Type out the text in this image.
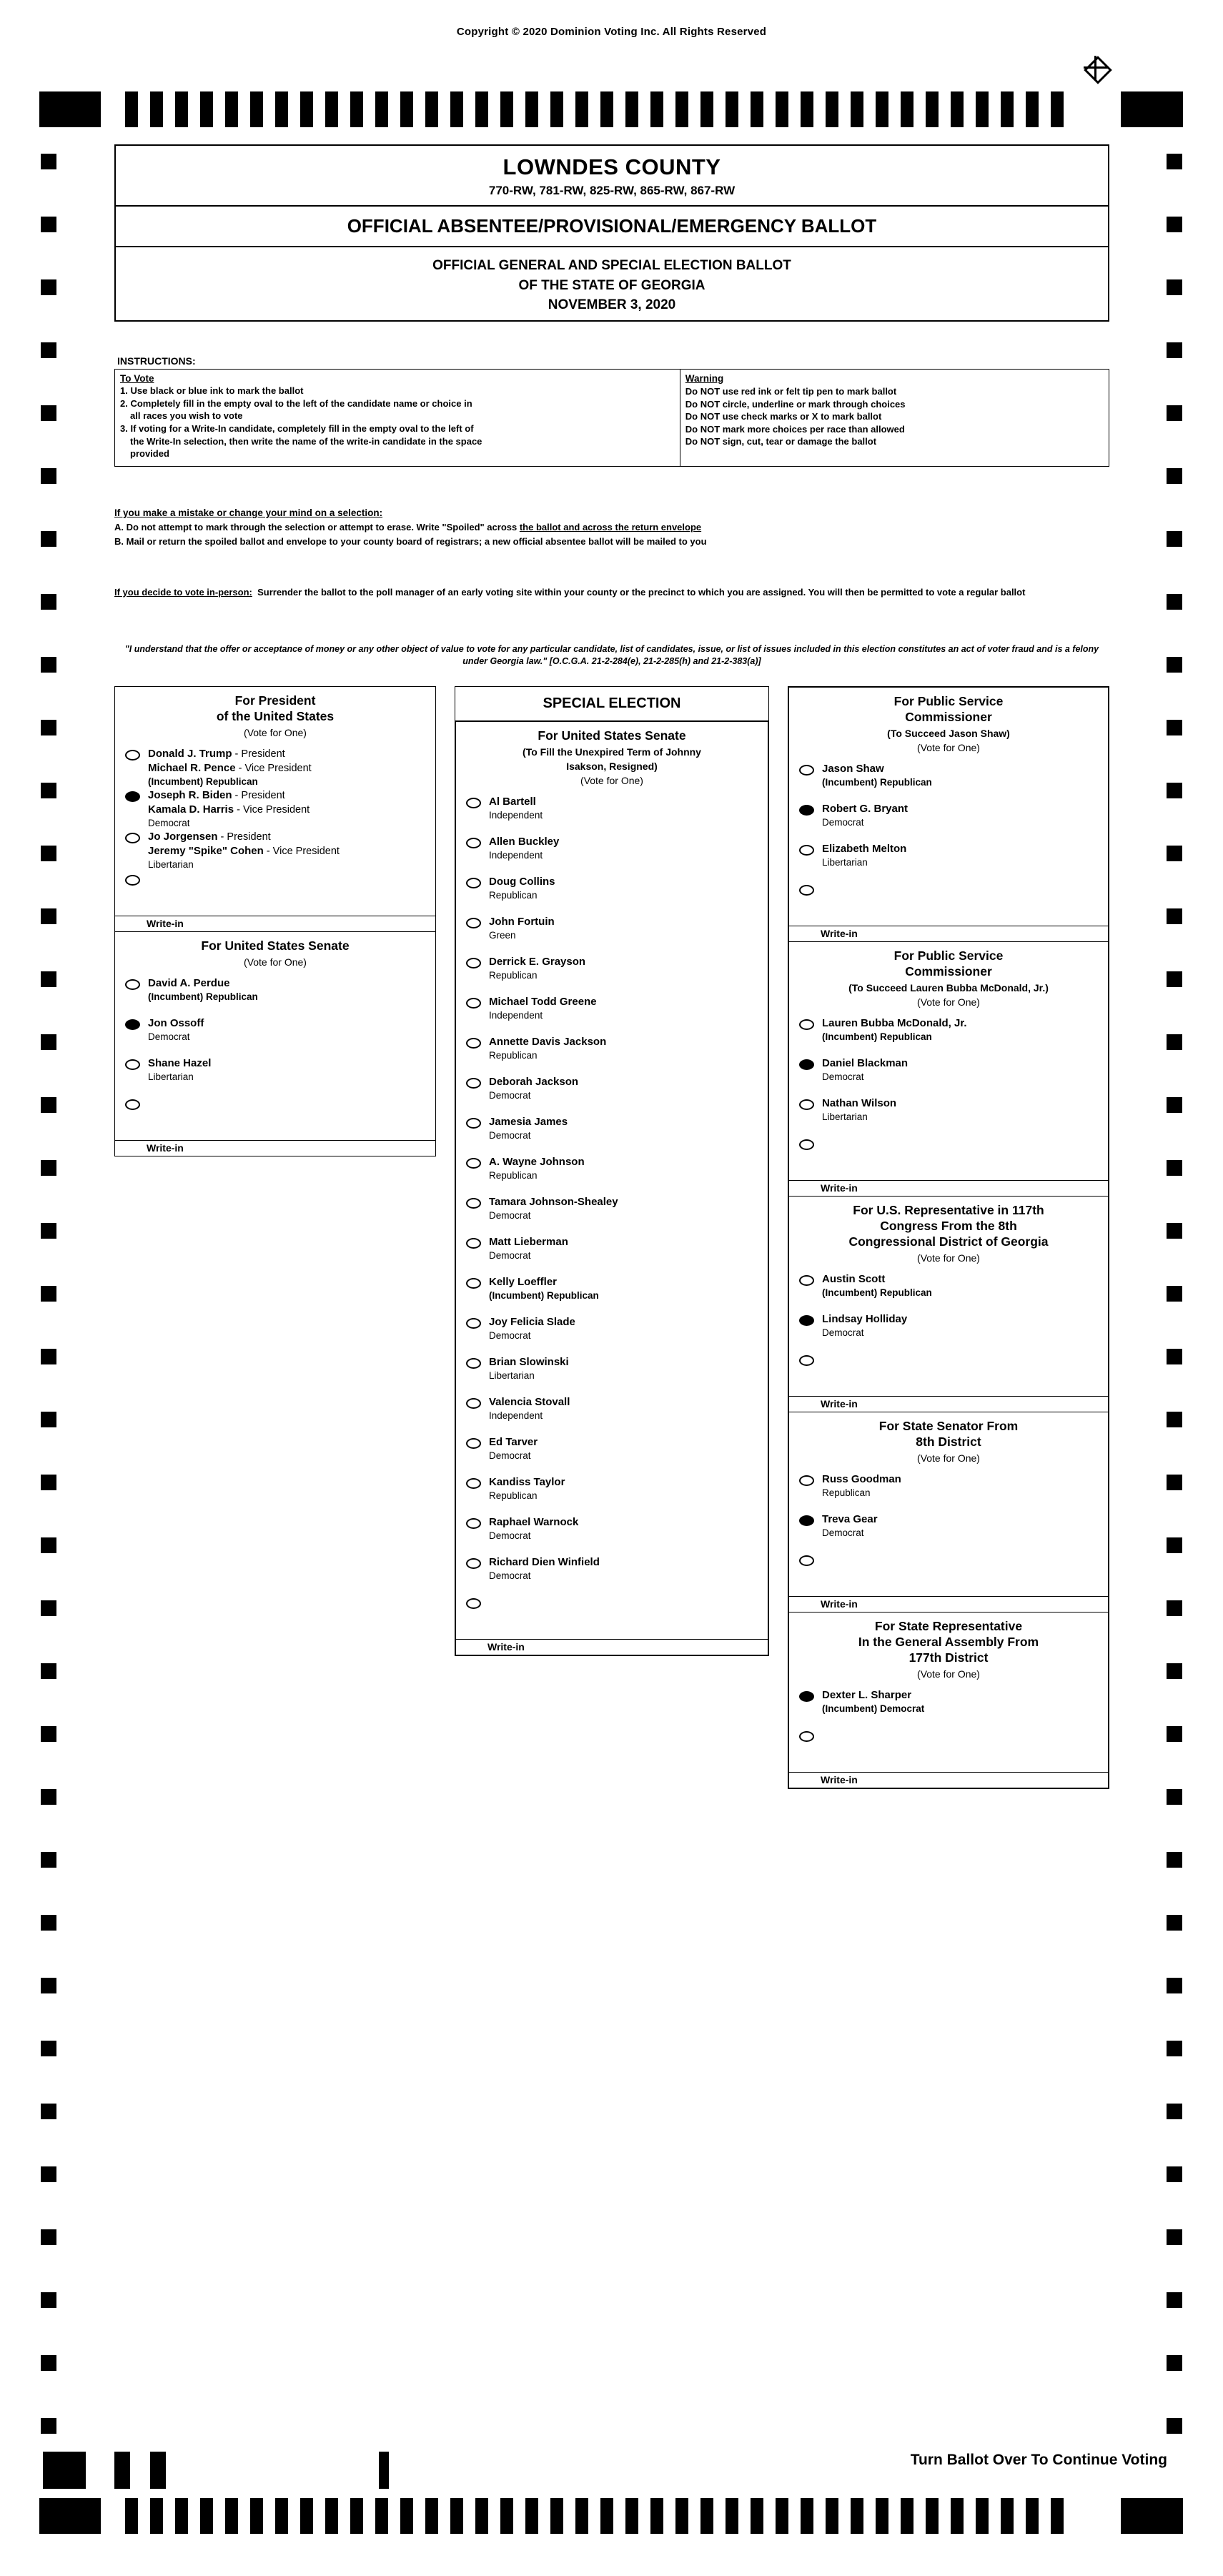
Copyright © 2020 Dominion Voting Inc. All Rights Reserved
LOWNDES COUNTY
770-RW, 781-RW, 825-RW, 865-RW, 867-RW
OFFICIAL ABSENTEE/PROVISIONAL/EMERGENCY BALLOT
OFFICIAL GENERAL AND SPECIAL ELECTION BALLOT
OF THE STATE OF GEORGIA
NOVEMBER 3, 2020
INSTRUCTIONS:
To Vote
1. Use black or blue ink to mark the ballot
2. Completely fill in the empty oval to the left of the candidate name or choice in
all races you wish to vote
3. If voting for a Write-In candidate, completely fill in the empty oval to the left of
the Write-In selection, then write the name of the write-in candidate in the space
provided
Warning
Do NOT use red ink or felt tip pen to mark ballot
Do NOT circle, underline or mark through choices
Do NOT use check marks or X to mark ballot
Do NOT mark more choices per race than allowed
Do NOT sign, cut, tear or damage the ballot
If you make a mistake or change your mind on a selection:
A. Do not attempt to mark through the selection or attempt to erase. Write "Spoiled" across the ballot and across the return envelope
B. Mail or return the spoiled ballot and envelope to your county board of registrars; a new official absentee ballot will be mailed to you
If you decide to vote in-person: Surrender the ballot to the poll manager of an early voting site within your county or the precinct to which you are assigned. You will then be permitted to vote a regular ballot
"I understand that the offer or acceptance of money or any other object of value to vote for any particular candidate, list of candidates, issue, or list of issues included in this election constitutes an act of voter fraud and is a felony under Georgia law." [O.C.G.A. 21-2-284(e), 21-2-285(h) and 21-2-383(a)]
For President
of the United States
(Vote for One)
Donald J. Trump - President
Michael R. Pence - Vice President
(Incumbent) Republican
Joseph R. Biden - President
Kamala D. Harris - Vice President
Democrat
Jo Jorgensen - President
Jeremy "Spike" Cohen - Vice President
Libertarian
Write-in
For United States Senate
(Vote for One)
David A. Perdue
(Incumbent) Republican
Jon Ossoff
Democrat
Shane Hazel
Libertarian
Write-in
SPECIAL ELECTION
For United States Senate
(To Fill the Unexpired Term of Johnny
Isakson, Resigned)
(Vote for One)
Al Bartell
Independent
Allen Buckley
Independent
Doug Collins
Republican
John Fortuin
Green
Derrick E. Grayson
Republican
Michael Todd Greene
Independent
Annette Davis Jackson
Republican
Deborah Jackson
Democrat
Jamesia James
Democrat
A. Wayne Johnson
Republican
Tamara Johnson-Shealey
Democrat
Matt Lieberman
Democrat
Kelly Loeffler
(Incumbent) Republican
Joy Felicia Slade
Democrat
Brian Slowinski
Libertarian
Valencia Stovall
Independent
Ed Tarver
Democrat
Kandiss Taylor
Republican
Raphael Warnock
Democrat
Richard Dien Winfield
Democrat
Write-in
For Public Service
Commissioner
(To Succeed Jason Shaw)
(Vote for One)
Jason Shaw
(Incumbent) Republican
Robert G. Bryant
Democrat
Elizabeth Melton
Libertarian
Write-in
For Public Service
Commissioner
(To Succeed Lauren Bubba McDonald, Jr.)
(Vote for One)
Lauren Bubba McDonald, Jr.
(Incumbent) Republican
Daniel Blackman
Democrat
Nathan Wilson
Libertarian
Write-in
For U.S. Representative in 117th
Congress From the 8th
Congressional District of Georgia
(Vote for One)
Austin Scott
(Incumbent) Republican
Lindsay Holliday
Democrat
Write-in
For State Senator From
8th District
(Vote for One)
Russ Goodman
Republican
Treva Gear
Democrat
Write-in
For State Representative
In the General Assembly From
177th District
(Vote for One)
Dexter L. Sharper
(Incumbent) Democrat
Write-in
+
Turn Ballot Over To Continue Voting
